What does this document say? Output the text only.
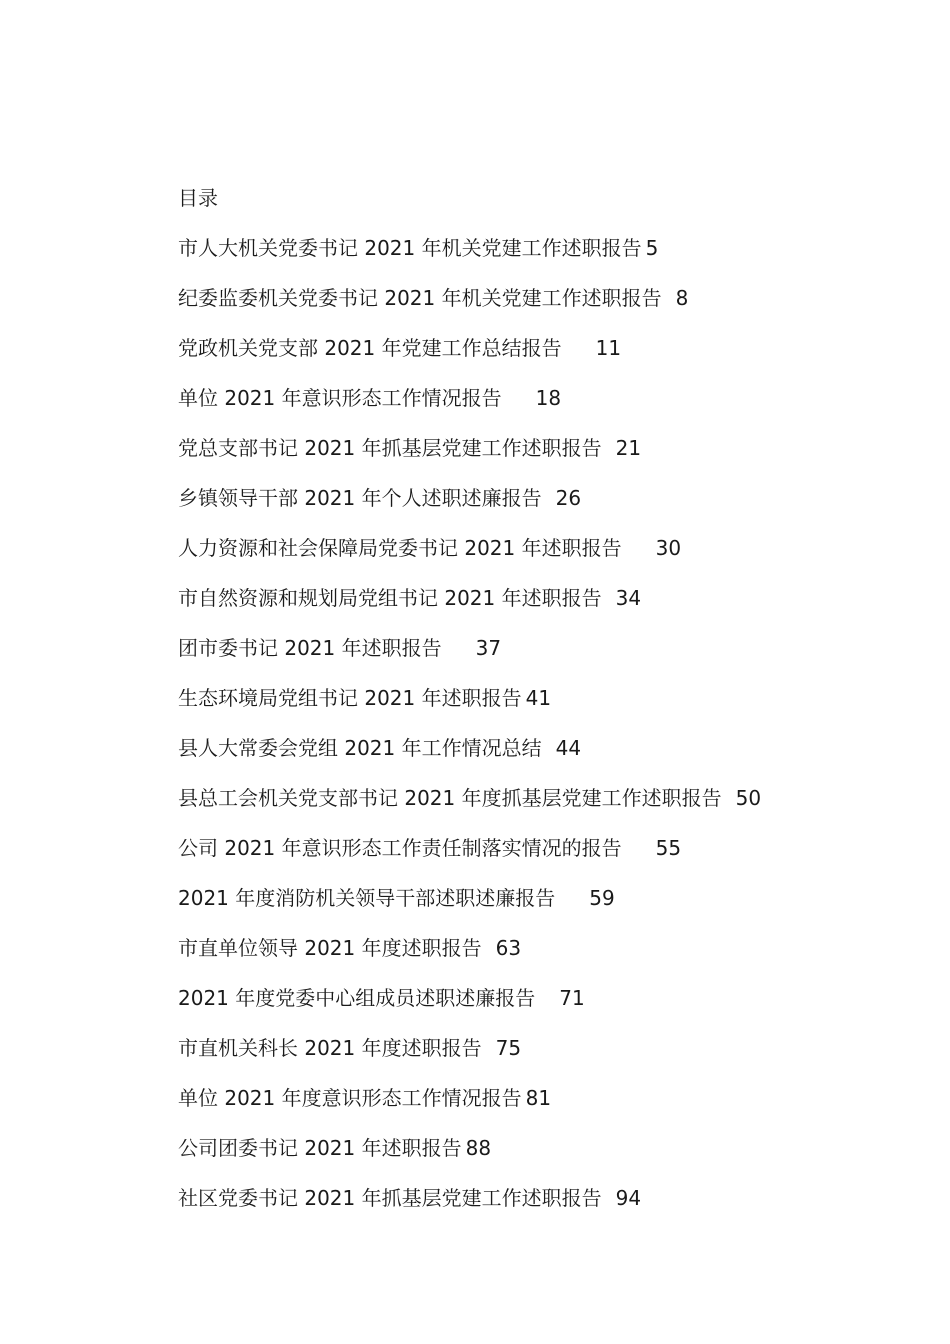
目录
市人大机关党委书记 2021 年机关党建工作述职报告 5
纪委监委机关党委书记 2021 年机关党建工作述职报告 8
党政机关党支部 2021 年党建工作总结报告 11
单位 2021 年意识形态工作情况报告 18
党总支部书记 2021 年抓基层党建工作述职报告 21
乡镇领导干部 2021 年个人述职述廉报告 26
人力资源和社会保障局党委书记 2021 年述职报告 30
市自然资源和规划局党组书记 2021 年述职报告 34
团市委书记 2021 年述职报告 37
生态环境局党组书记 2021 年述职报告 41
县人大常委会党组 2021 年工作情况总结 44
县总工会机关党支部书记 2021 年度抓基层党建工作述职报告 50
公司 2021 年意识形态工作责任制落实情况的报告 55
2021 年度消防机关领导干部述职述廉报告 59
市直单位领导 2021 年度述职报告 63
2021 年度党委中心组成员述职述廉报告 71
市直机关科长 2021 年度述职报告 75
单位 2021 年度意识形态工作情况报告 81
公司团委书记 2021 年述职报告 88
社区党委书记 2021 年抓基层党建工作述职报告 94
